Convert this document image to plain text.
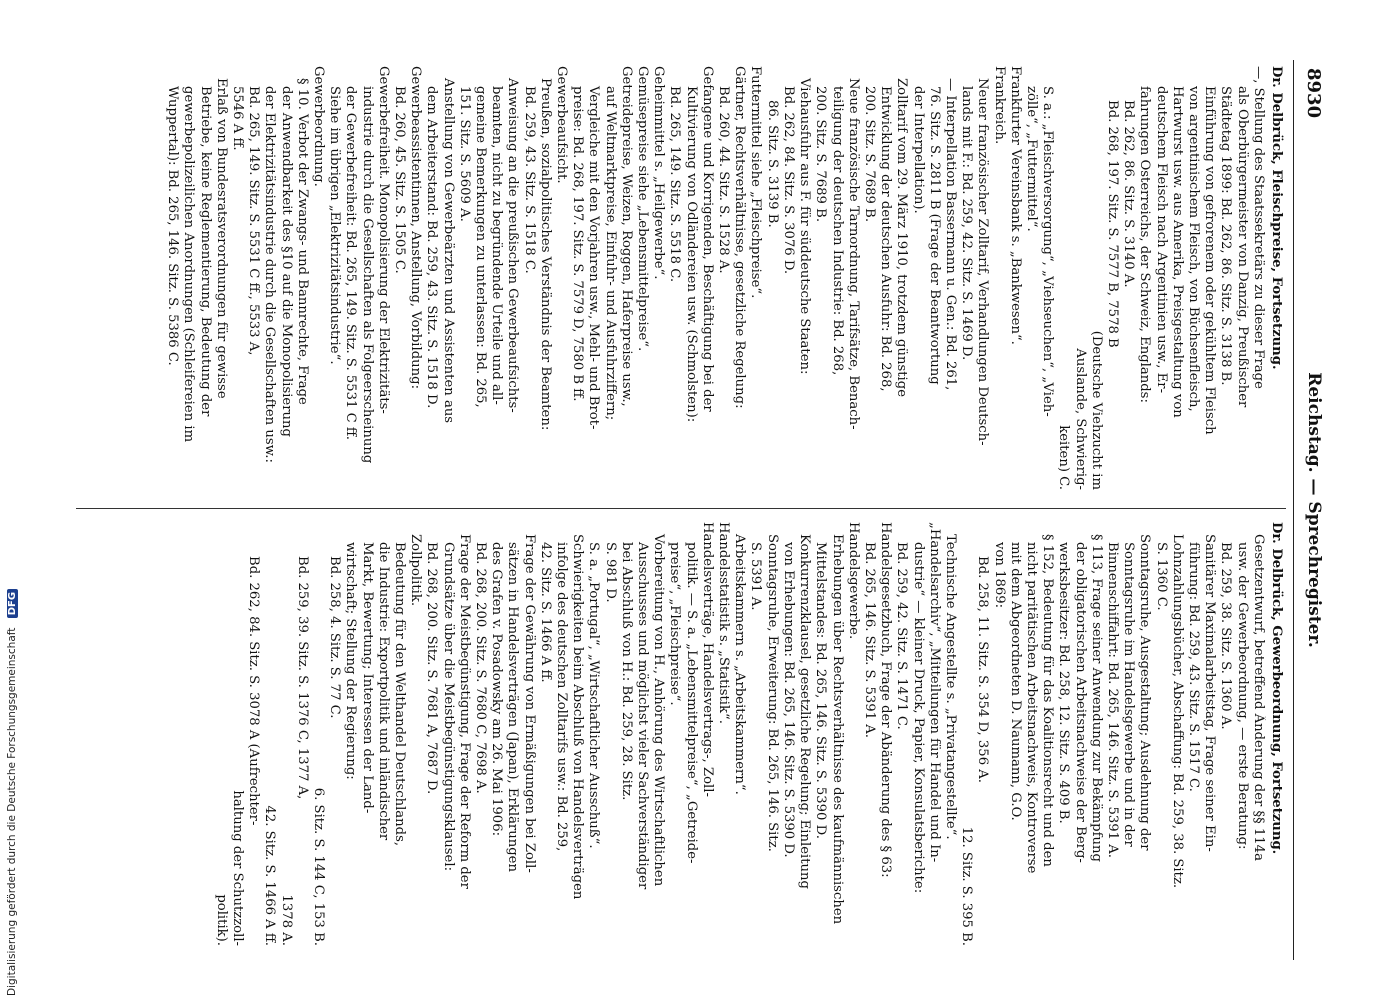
8930
Reichstag. — Sprechregister.
Dr. Delbrück, Fleischpreise, Fortsetzung.
—, Stellung des Staatssekretärs zu dieser Frage
als Oberbürgermeister von Danzig, Preußischer
Städtetag 1899: Bd. 262, 86. Sitz. S. 3138 B.
Einführung von gefrorenem oder gekühltem Fleisch
von argentinischem Fleisch, von Büchsenfleisch,
Hartwurst usw. aus Amerika, Preisgestaltung von
deutschem Fleisch nach Argentinien usw., Er-
fahrungen Österreichs, der Schweiz, Englands:
Bd. 262, 86. Sitz. S. 3140 A.
Bd. 268, 197. Sitz. S. 7577 B, 7578 B
(Deutsche Viehzucht im
Auslande, Schwierig-
keiten) C.
S. a.: „Fleischversorgung“, „Viehseuchen“, „Vieh-
zölle“, „Futtermittel“.
Frankfurter Vereinsbank s. „Bankwesen“.
Frankreich.
Neuer französischer Zolltarif, Verhandlungen Deutsch-
lands mit F.: Bd. 259, 42. Sitz. S. 1469 D.
— Interpellation Bassermann u. Gen.: Bd. 261,
76. Sitz. S. 2811 B (Frage der Beantwortung
der Interpellation).
Zolltarif vom 29. März 1910, trotzdem günstige
Entwicklung der deutschen Ausfuhr: Bd. 268,
200. Sitz. S. 7689 B.
Neue französische Tarnordnung, Tarifsätze, Benach-
teiligung der deutschen Industrie: Bd. 268,
200. Sitz. S. 7689 B.
Viehausfuhr aus F. für süddeutsche Staaten:
Bd. 262, 84. Sitz. S. 3076 D.
86. Sitz. S. 3139 B.
Futtermittel siehe „Fleischpreise“.
Gärtner, Rechtsverhältnisse, gesetzliche Regelung:
Bd. 260, 44. Sitz. S. 1528 A.
Gefangene und Korrigenden, Beschäftigung bei der
Kultivierung von Ödländereien usw. (Schmolsten):
Bd. 265, 149. Sitz. S. 5518 C.
Geheimmittel s. „Heilgewerbe“.
Gemüsepreise siehe „Lebensmittelpreise“.
Getreidepreise, Weizen, Roggen, Haferpreise usw.,
auf Weltmarktpreise, Einfuhr- und Ausfuhrziffern;
Vergleiche mit den Vorjahren usw., Mehl- und Brot-
preise: Bd. 268, 197. Sitz. S. 7579 D, 7580 B ff.
Gewerbeaufsicht.
Preußen, sozialpolitisches Verständnis der Beamten:
Bd. 259, 43. Sitz. S. 1518 C.
Anweisung an die preußischen Gewerbeaufsichts-
beamten, nicht zu begründende Urteile und all-
gemeine Bemerkungen zu unterlassen: Bd. 265,
151. Sitz. S. 5609 A.
Anstellung von Gewerbeärzten und Assistenten aus
dem Arbeiterstand: Bd. 259, 43. Sitz. S. 1518 D.
Gewerbeassistentinnen, Anstellung, Vorbildung:
Bd. 260, 45. Sitz. S. 1505 C.
Gewerbefreiheit. Monopolisierung der Elektrizitäts-
industrie durch die Gesellschaften als Folgeerscheinung
der Gewerbefreiheit: Bd. 265, 149. Sitz. S. 5531 C ff.
Siehe im übrigen „Elektrizitätsindustrie“.
Gewerbeordnung.
§ 10. Verbot der Zwangs- und Bannrechte, Frage
der Anwendbarkeit des §10 auf die Monopolisierung
der Elektrizitätsindustrie durch die Gesellschaften usw.:
Bd. 265, 149. Sitz. S. 5531 C ff., 5533 A,
5546 A ff.
Erlaß von Bundesratsverordnungen für gewisse
Betriebe, keine Reglementierung, Bedeutung der
gewerbepolizeilichen Anordnungen (Schleifereien im
Wuppertal): Bd. 265, 146. Sitz. S. 5386 C.
Dr. Delbrück, Gewerbeordnung, Fortsetzung.
Gesetzentwurf, betreffend Änderung der §§ 114a
usw. der Gewerbeordnung, — erste Beratung:
Bd. 259, 38. Sitz. S. 1360 A.
Sanitärer Maximalarbeitstag, Frage seiner Ein-
führung: Bd. 259, 43. Sitz. S. 1517 C.
Lohnzahlungsbücher, Abschaffung: Bd. 259, 38. Sitz.
S. 1360 C.
Sonntagsruhe, Ausgestaltung; Ausdehnung der
Sonntagsruhe im Handelsgewerbe und in der
Binnenschiffahrt: Bd. 265, 146. Sitz. S. 5391 A.
§ 113, Frage seiner Anwendung zur Bekämpfung
der obligatorischen Arbeitsnachweise der Berg-
werksbesitzer: Bd. 258, 12. Sitz. S. 409 B.
§ 152, Bedeutung für das Koalitionsrecht und den
nicht paritätischen Arbeitsnachweis, Kontroverse
mit dem Abgeordneten D. Naumann, G.O.
von 1869:
Bd. 258, 11. Sitz. S. 354 D, 356 A.
12. Sitz. S. 395 B.
Technische Angestellte s. „Privatangestellte“.
„Handelsarchiv“, „Mitteilungen für Handel und In-
dustrie“ — kleiner Druck, Papier, Konsulatsberichte:
Bd. 259, 42. Sitz. S. 1471 C.
Handelsgesetzbuch, Frage der Abänderung des § 63:
Bd. 265, 146. Sitz. S. 5391 A.
Handelsgewerbe.
Erhebungen über Rechtsverhältnisse des kaufmännischen
Mittelstandes: Bd. 265, 146. Sitz. S. 5390 D.
Konkurrenzklausel, gesetzliche Regelung; Einleitung
von Erhebungen: Bd. 265, 146. Sitz. S. 5390 D.
Sonntagsruhe, Erweiterung: Bd. 265, 146. Sitz.
S. 5391 A.
Arbeitskammern s. „Arbeitskammern“.
Handelsstatistik s. „Statistik“.
Handelsverträge, Handelsvertrags-, Zoll-
politik. — S. a. „Lebensmittelpreise“, „Getreide-
preise“, „Fleischpreise“.
Vorbereitung von H., Anhörung des Wirtschaftlichen
Ausschusses und möglichst vieler Sachverständiger
bei Abschluß von H.: Bd. 259, 28. Sitz.
S. 981 D.
S. a. „Portugal“, „Wirtschaftlicher Ausschuß“.
Schwierigkeiten beim Abschluß von Handelsverträgen
infolge des deutschen Zolltarifs usw.: Bd. 259,
42. Sitz. S. 1466 A ff.
Frage der Gewährung von Ermäßigungen bei Zoll-
sätzen in Handelsverträgen (Japan), Erklärungen
des Grafen v. Posadowsky am 26. Mai 1906:
Bd. 268, 200. Sitz. S. 7680 C, 7698 A.
Frage der Meistbegünstigung, Frage der Reform der
Grundsätze über die Meistbegünstigungsklausel:
Bd. 268, 200. Sitz. S. 7681 A, 7687 D.
Zollpolitik.
Bedeutung für den Welthandel Deutschlands,
die Industrie: Exportpolitik und inländischer
Markt, Bewertung; Interessen der Land-
wirtschaft; Stellung der Regierung:
Bd. 258, 4. Sitz. S. 77 C.
6. Sitz. S. 144 C, 153 B.
Bd. 259, 39. Sitz. S. 1376 C, 1377 A,
1378 A.
42. Sitz. S. 1466 A ff.
Bd. 262, 84. Sitz. S. 3078 A (Aufrechter-
haltung der Schutzzoll-
politik).
Digitalisierung gefördert durch die Deutsche Forschungsgemeinschaft DFG
